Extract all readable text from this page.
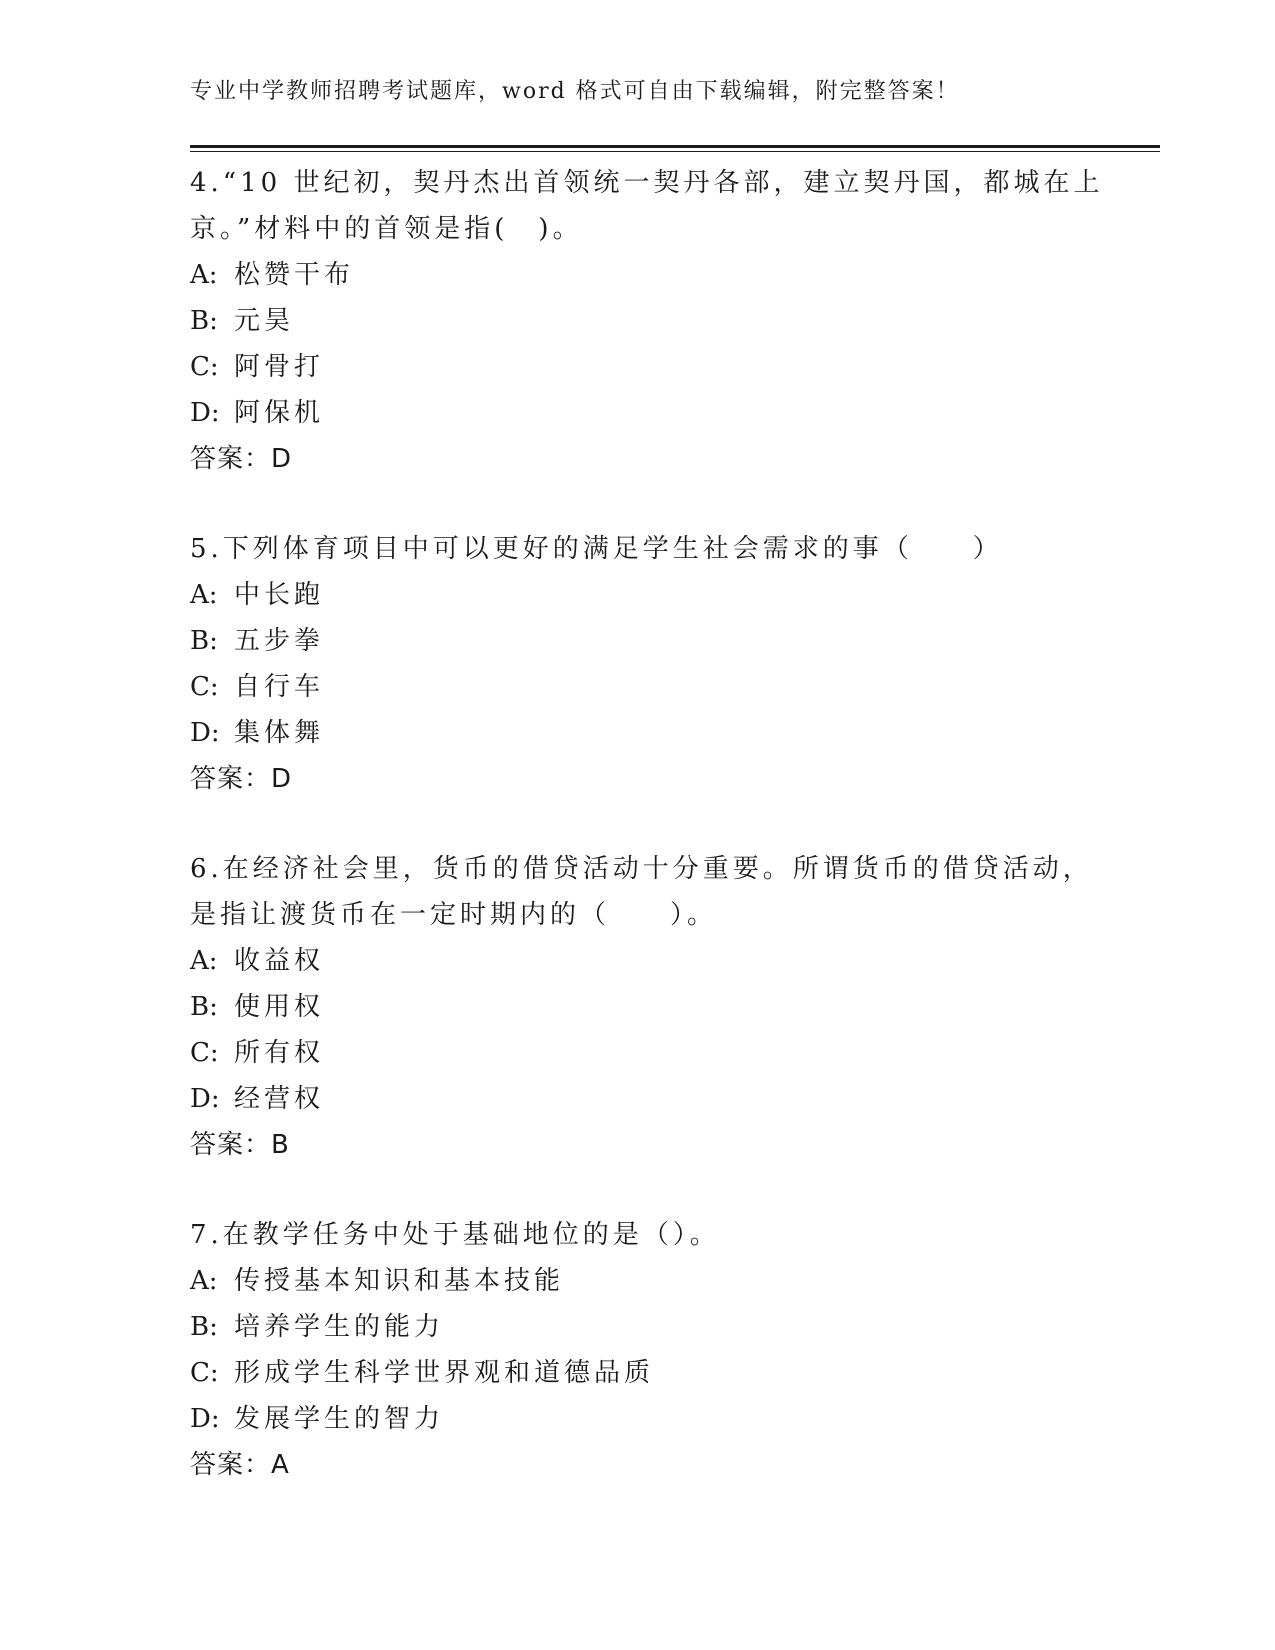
专业中学教师招聘考试题库，word 格式可自由下载编辑，附完整答案！
4.“10 世纪初，契丹杰出首领统一契丹各部，建立契丹国，都城在上
京。”材料中的首领是指(　)。
A: 松赞干布
B: 元昊
C: 阿骨打
D: 阿保机
答案：D
5.下列体育项目中可以更好的满足学生社会需求的事（　　）
A: 中长跑
B: 五步拳
C: 自行车
D: 集体舞
答案：D
6.在经济社会里，货币的借贷活动十分重要。所谓货币的借贷活动，
是指让渡货币在一定时期内的（　　）。
A: 收益权
B: 使用权
C: 所有权
D: 经营权
答案：B
7.在教学任务中处于基础地位的是（）。
A: 传授基本知识和基本技能
B: 培养学生的能力
C: 形成学生科学世界观和道德品质
D: 发展学生的智力
答案：A
